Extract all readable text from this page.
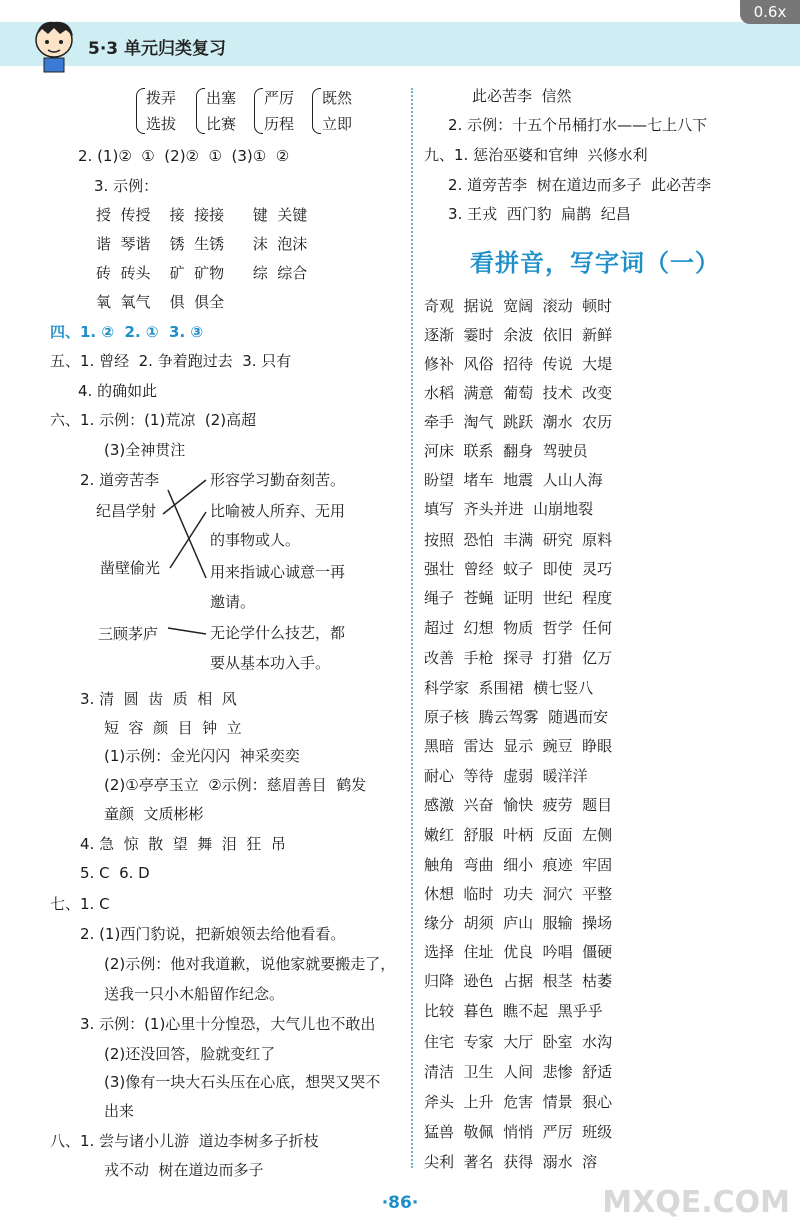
5·3 单元归类复习
0.6x
拨弄
选拔
出塞
比赛
严厉
历程
既然
立即
2. (1)②  ①  (2)②  ①  (3)①  ②
3. 示例：
授  传授    接  接接      键  关键
谐  琴谐    锈  生锈      沫  泡沫
砖  砖头    矿  矿物      综  综合
氧  氧气    俱  俱全
四、1. ②  2. ①  3. ③
五、1. 曾经  2. 争着跑过去  3. 只有
4. 的确如此
六、1. 示例：(1)荒凉  (2)高超
(3)全神贯注
2. 道旁苦李
纪昌学射
凿壁偷光
三顾茅庐
形容学习勤奋刻苦。
比喻被人所弃、无用
的事物或人。
用来指诚心诚意一再
邀请。
无论学什么技艺，都
要从基本功入手。
3. 清  圆  齿  质  相  风
短  容  颜  目  钟  立
(1)示例：金光闪闪  神采奕奕
(2)①亭亭玉立  ②示例：慈眉善目  鹤发
童颜  文质彬彬
4. 急  惊  散  望  舞  泪  狂  吊
5. C  6. D
七、1. C
2. (1)西门豹说，把新娘领去给他看看。
(2)示例：他对我道歉，说他家就要搬走了，
送我一只小木船留作纪念。
3. 示例：(1)心里十分惶恐，大气儿也不敢出
(2)还没回答，脸就变红了
(3)像有一块大石头压在心底，想哭又哭不
出来
八、1. 尝与诸小儿游  道边李树多子折枝
戎不动  树在道边而多子
此必苦李  信然
2. 示例：十五个吊桶打水——七上八下
九、1. 惩治巫婆和官绅  兴修水利
2. 道旁苦李  树在道边而多子  此必苦李
3. 王戎  西门豹  扁鹊  纪昌
看拼音，写字词（一）
奇观  据说  宽阔  滚动  顿时
逐渐  霎时  余波  依旧  新鲜
修补  风俗  招待  传说  大堤
水稻  满意  葡萄  技术  改变
牵手  淘气  跳跃  潮水  农历
河床  联系  翻身  驾驶员
盼望  堵车  地震  人山人海
填写  齐头并进  山崩地裂
按照  恐怕  丰满  研究  原料
强壮  曾经  蚊子  即使  灵巧
绳子  苍蝇  证明  世纪  程度
超过  幻想  物质  哲学  任何
改善  手枪  探寻  打猎  亿万
科学家  系围裙  横七竖八
原子核  腾云驾雾  随遇而安
黑暗  雷达  显示  豌豆  睁眼
耐心  等待  虚弱  暖洋洋
感激  兴奋  愉快  疲劳  题目
嫩红  舒服  叶柄  反面  左侧
触角  弯曲  细小  痕迹  牢固
休想  临时  功夫  洞穴  平整
缘分  胡须  庐山  服输  操场
选择  住址  优良  吟唱  僵硬
归降  逊色  占据  根茎  枯萎
比较  暮色  瞧不起  黑乎乎
住宅  专家  大厅  卧室  水沟
清洁  卫生  人间  悲惨  舒适
斧头  上升  危害  情景  狠心
猛兽  敬佩  悄悄  严厉  班级
尖利  著名  获得  溺水  溶
·86·	MXQE.COM
